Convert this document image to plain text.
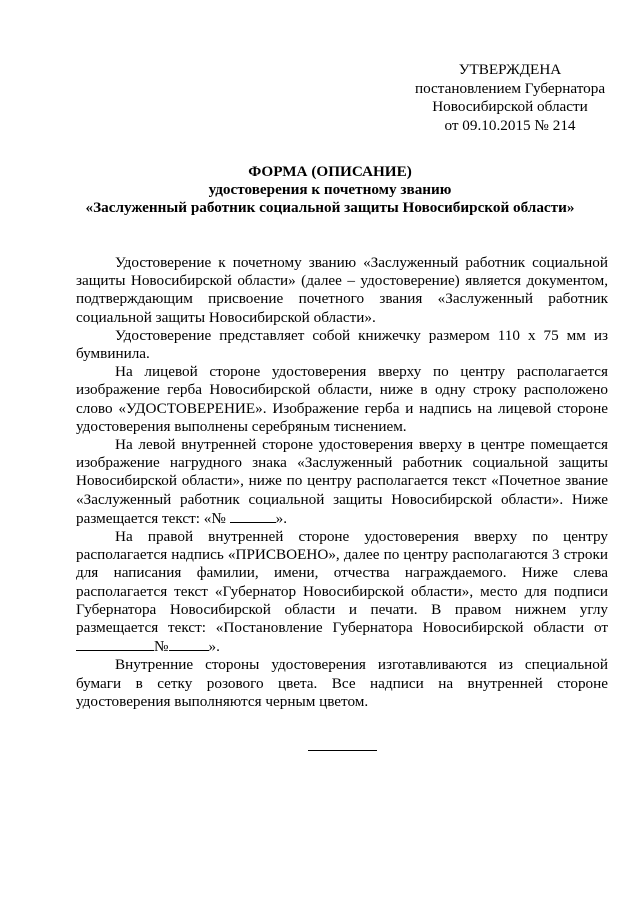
УТВЕРЖДЕНА
постановлением Губернатора
Новосибирской области
от 09.10.2015 № 214
ФОРМА (ОПИСАНИЕ)
удостоверения к почетному званию
«Заслуженный работник социальной защиты Новосибирской области»

Удостоверение к почетному званию «Заслуженный работник социальной защиты Новосибирской области» (далее – удостоверение) является документом, подтверждающим присвоение почетного звания «Заслуженный работник социальной защиты Новосибирской области».

Удостоверение представляет собой книжечку размером 110 х 75 мм из бумвинила.

На лицевой стороне удостоверения вверху по центру располагается изображение герба Новосибирской области, ниже в одну строку расположено слово «УДОСТОВЕРЕНИЕ». Изображение герба и надпись на лицевой стороне удостоверения выполнены серебряным тиснением.

На левой внутренней стороне удостоверения вверху в центре помещается изображение нагрудного знака «Заслуженный работник социальной защиты Новосибирской области», ниже по центру располагается текст «Почетное звание «Заслуженный работник социальной защиты Новосибирской области». Ниже размещается текст: «№	».

На правой внутренней стороне удостоверения вверху по центру располагается надпись «ПРИСВОЕНО», далее по центру располагаются 3 строки для написания фамилии, имени, отчества награждаемого. Ниже слева располагается текст «Губернатор Новосибирской области», место для подписи Губернатора Новосибирской области и печати. В правом нижнем углу размещается текст: «Постановление Губернатора Новосибирской области от №	».

Внутренние стороны удостоверения изготавливаются из специальной бумаги в сетку розового цвета. Все надписи на внутренней стороне удостоверения выполняются черным цветом.
